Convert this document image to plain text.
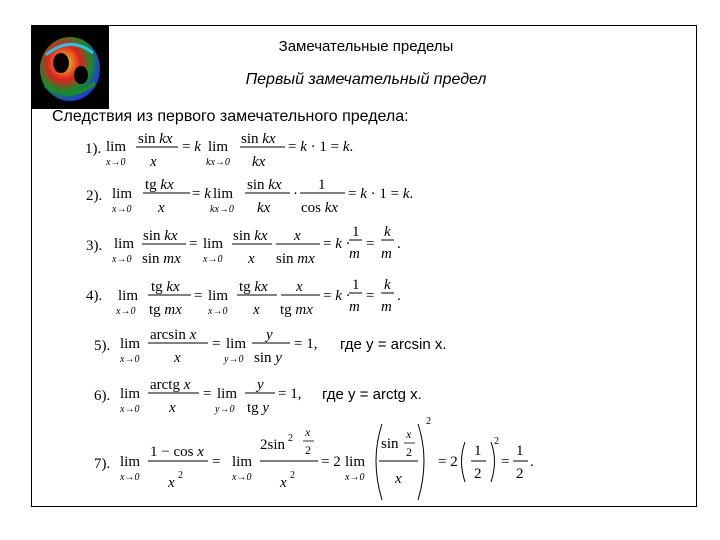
Замечательные пределы
Первый замечательный предел
Следствия из первого замечательного предела:
1).
2).
3).
4).
5).
6).
7).
lim
x→0
sin kx
x
= k lim
kx→0
sin kx
kx
= k · 1 = k.
lim
x→0
tg kx
x
= k lim
kx→0
sin kx
kx
·
1
cos kx
= k · 1 = k.
lim
x→0
sin kx
sin mx
= lim
x→0
sin kx
x
x
sin mx
= k ·
1
m
=
k
m
.
lim
x→0
tg kx
tg mx
= lim
x→0
tg kx
x
x
tg mx
= k ·
1
m
=
k
m
.
lim
x→0
arcsin x
x
= lim
y→0
y
sin y
= 1,
lim
x→0
arctg x
x
= lim
y→0
y
tg y
= 1,
lim
x→0
1 − cos x
x 2
= lim
x→0
2sin 2 x
2
x 2
= 2 lim
x→0
sin
x
2
x
2
= 2
1
2
2
=
1
2
.
где y = arcsin x.
где y = arctg x.
